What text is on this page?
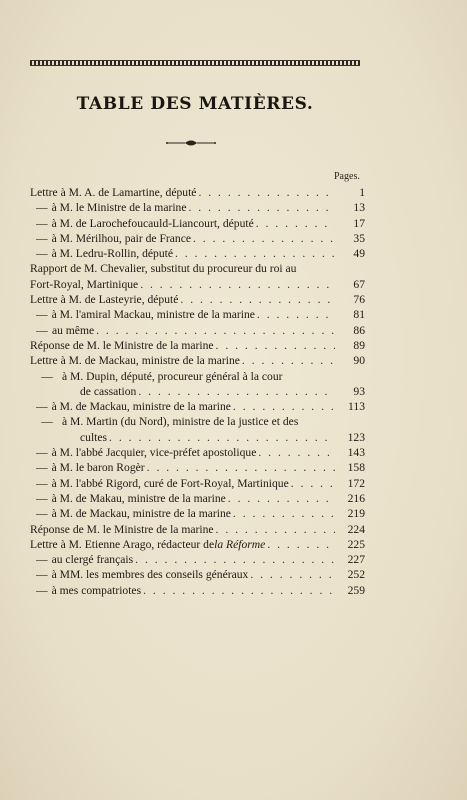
TABLE DES MATIÈRES.
Pages.
Lettre à M. A. de Lamartine, député . . .	1
— à M. le Ministre de la marine . . .	13
— à M. de Larochefoucauld-Liancourt, député . . .	17
— à M. Mérilhou, pair de France . . .	35
— à M. Ledru-Rollin, député . . .	49
Rapport de M. Chevalier, substitut du procureur du roi au
Fort-Royal, Martinique . . .	67
Lettre à M. de Lasteyrie, député . . .	76
— à M. l'amiral Mackau, ministre de la marine . . .	81
— au même . . .	86
Réponse de M. le Ministre de la marine . . .	89
Lettre à M. de Mackau, ministre de la marine . . .	90
— à M. Dupin, député, procureur général à la cour
de cassation . . .	93
— à M. de Mackau, ministre de la marine . . .	113
— à M. Martin (du Nord), ministre de la justice et des
cultes . . .	123
— à M. l'abbé Jacquier, vice-préfet apostolique . . .	143
— à M. le baron Rogèr . . .	158
— à M. l'abbé Rigord, curé de Fort-Royal, Martinique . . .	172
— à M. de Makau, ministre de la marine . . .	216
— à M. de Mackau, ministre de la marine . . .	219
Réponse de M. le Ministre de la marine . . .	224
Lettre à M. Etienne Arago, rédacteur de la Réforme . . .	225
— au clergé français . . .	227
— à MM. les membres des conseils généraux . . .	252
— à mes compatriotes . . .	259
